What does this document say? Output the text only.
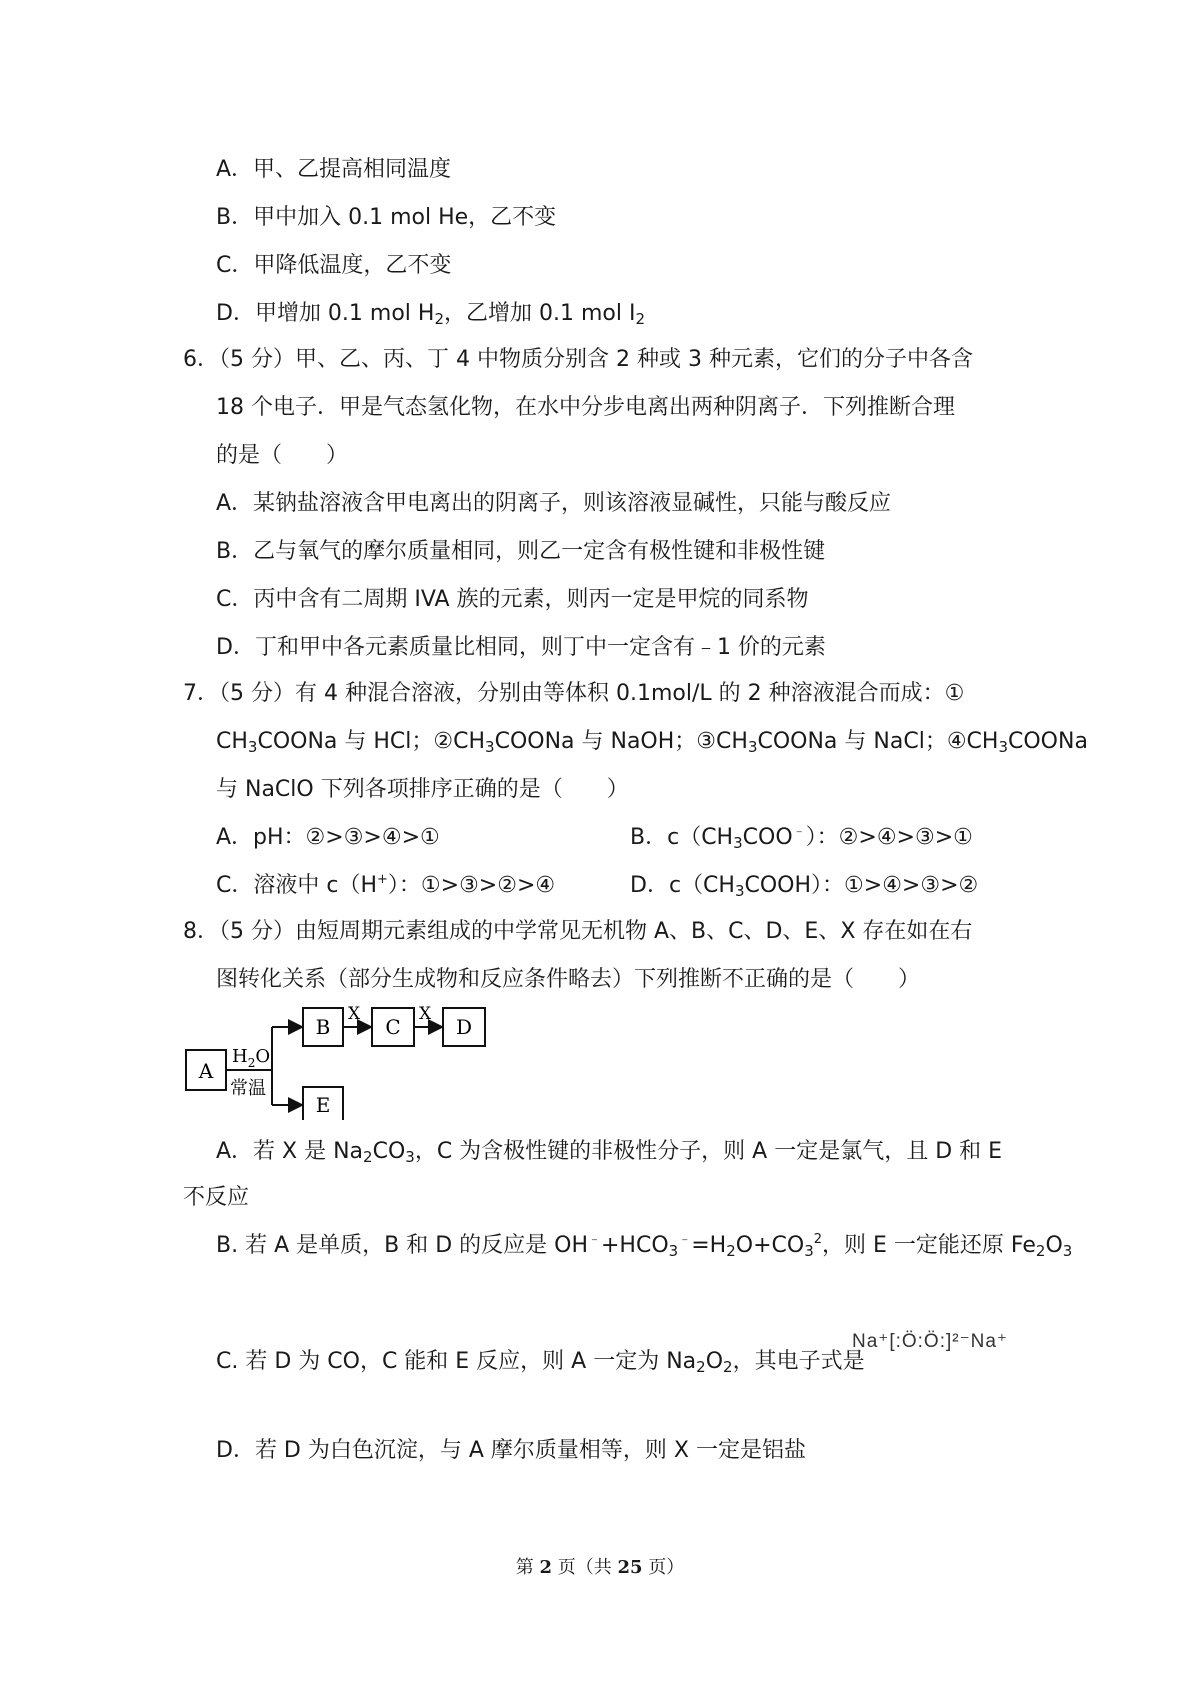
A．甲、乙提高相同温度
B．甲中加入 0.1 mol He，乙不变
C．甲降低温度，乙不变
D．甲增加 0.1 mol $H_2$，乙增加 0.1 mol $I_2$
6．（5 分）甲、乙、丙、丁 4 中物质分别含 2 种或 3 种元素，它们的分子中各含
18 个电子．甲是气态氢化物，在水中分步电离出两种阴离子．下列推断合理
的是（　　）
A．某钠盐溶液含甲电离出的阴离子，则该溶液显碱性，只能与酸反应
B．乙与氧气的摩尔质量相同，则乙一定含有极性键和非极性键
C．丙中含有二周期 IVA 族的元素，则丙一定是甲烷的同系物
D．丁和甲中各元素质量比相同，则丁中一定含有﹣1 价的元素
7．（5 分）有 4 种混合溶液，分别由等体积 0.1mol/L 的 2 种溶液混合而成：①
$CH_3COONa$ 与 HCl；$②CH_3COONa$ 与 NaOH；$③CH_3COONa$ 与 NaCl；$④CH_3COONa$
与 NaClO 下列各项排序正确的是（　　）
A．pH：②>③>④>①	B．$c(CH_3COO^﹣)$：②>④>③>①
C．溶液中 c（H+）：①>③>②>④	D．$c(CH_3COOH)$：①>④>③>②
8．（5 分）由短周期元素组成的中学常见无机物 A、B、C、D、E、X 存在如在右
图转化关系（部分生成物和反应条件略去）下列推断不正确的是（　　）
A
$H_2O$
常温
B
X
C
X
D
E
A．若 X 是 $Na_2CO_3$，C 为含极性键的非极性分子，则 A 一定是氯气，且 D 和 E
不反应
B. 若 A 是单质，B 和 D 的反应是 $OH^﹣+HCO_3^﹣=H_2O+CO_3^2$，则 E 一定能还原 $Fe_2O_3$
C. 若 D 为 CO，C 能和 E 反应，则 A 一定为 $Na_2O_2$，其电子式是
Na⁺[:Ö:Ö:]²⁻Na⁺
D．若 D 为白色沉淀，与 A 摩尔质量相等，则 X 一定是铝盐
第 2 页（共 25 页）
